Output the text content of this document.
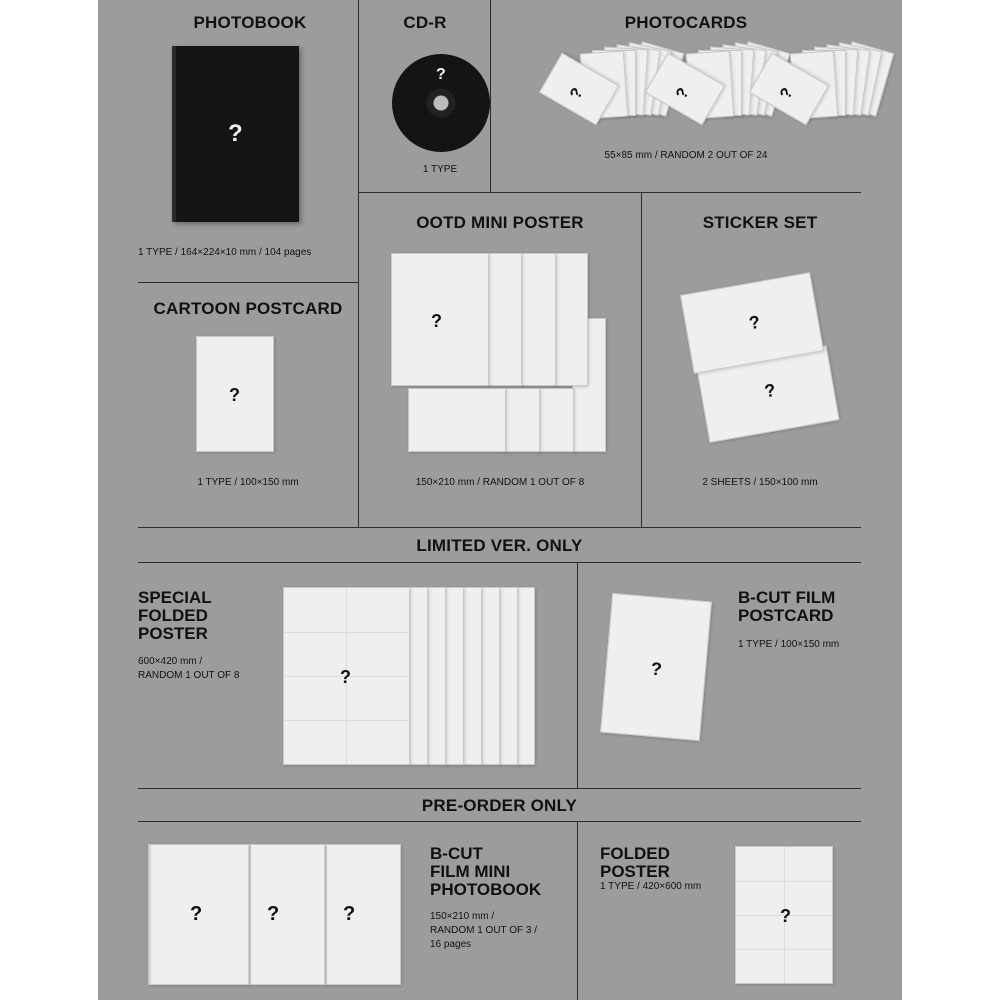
LIMITED VER. ONLY
PRE-ORDER ONLY
PHOTOBOOK
?
1 TYPE / 164×224×10 mm / 104 pages
CD-R
?
1 TYPE
PHOTOCARDS
?	?	?
55×85 mm / RANDOM 2 OUT OF 24
CARTOON POSTCARD
?
1 TYPE / 100×150 mm
OOTD MINI POSTER
?
150×210 mm / RANDOM 1 OUT OF 8
STICKER SET
?
?
2 SHEETS / 150×100 mm
SPECIAL
FOLDED
POSTER
600×420 mm /
RANDOM 1 OUT OF 8	?	?
B-CUT FILM
POSTCARD
1 TYPE / 100×150 mm
?
?
?
B-CUT
FILM MINI
PHOTOBOOK
150×210 mm /
RANDOM 1 OUT OF 3 /
16 pages
FOLDED
POSTER
1 TYPE / 420×600 mm
?
